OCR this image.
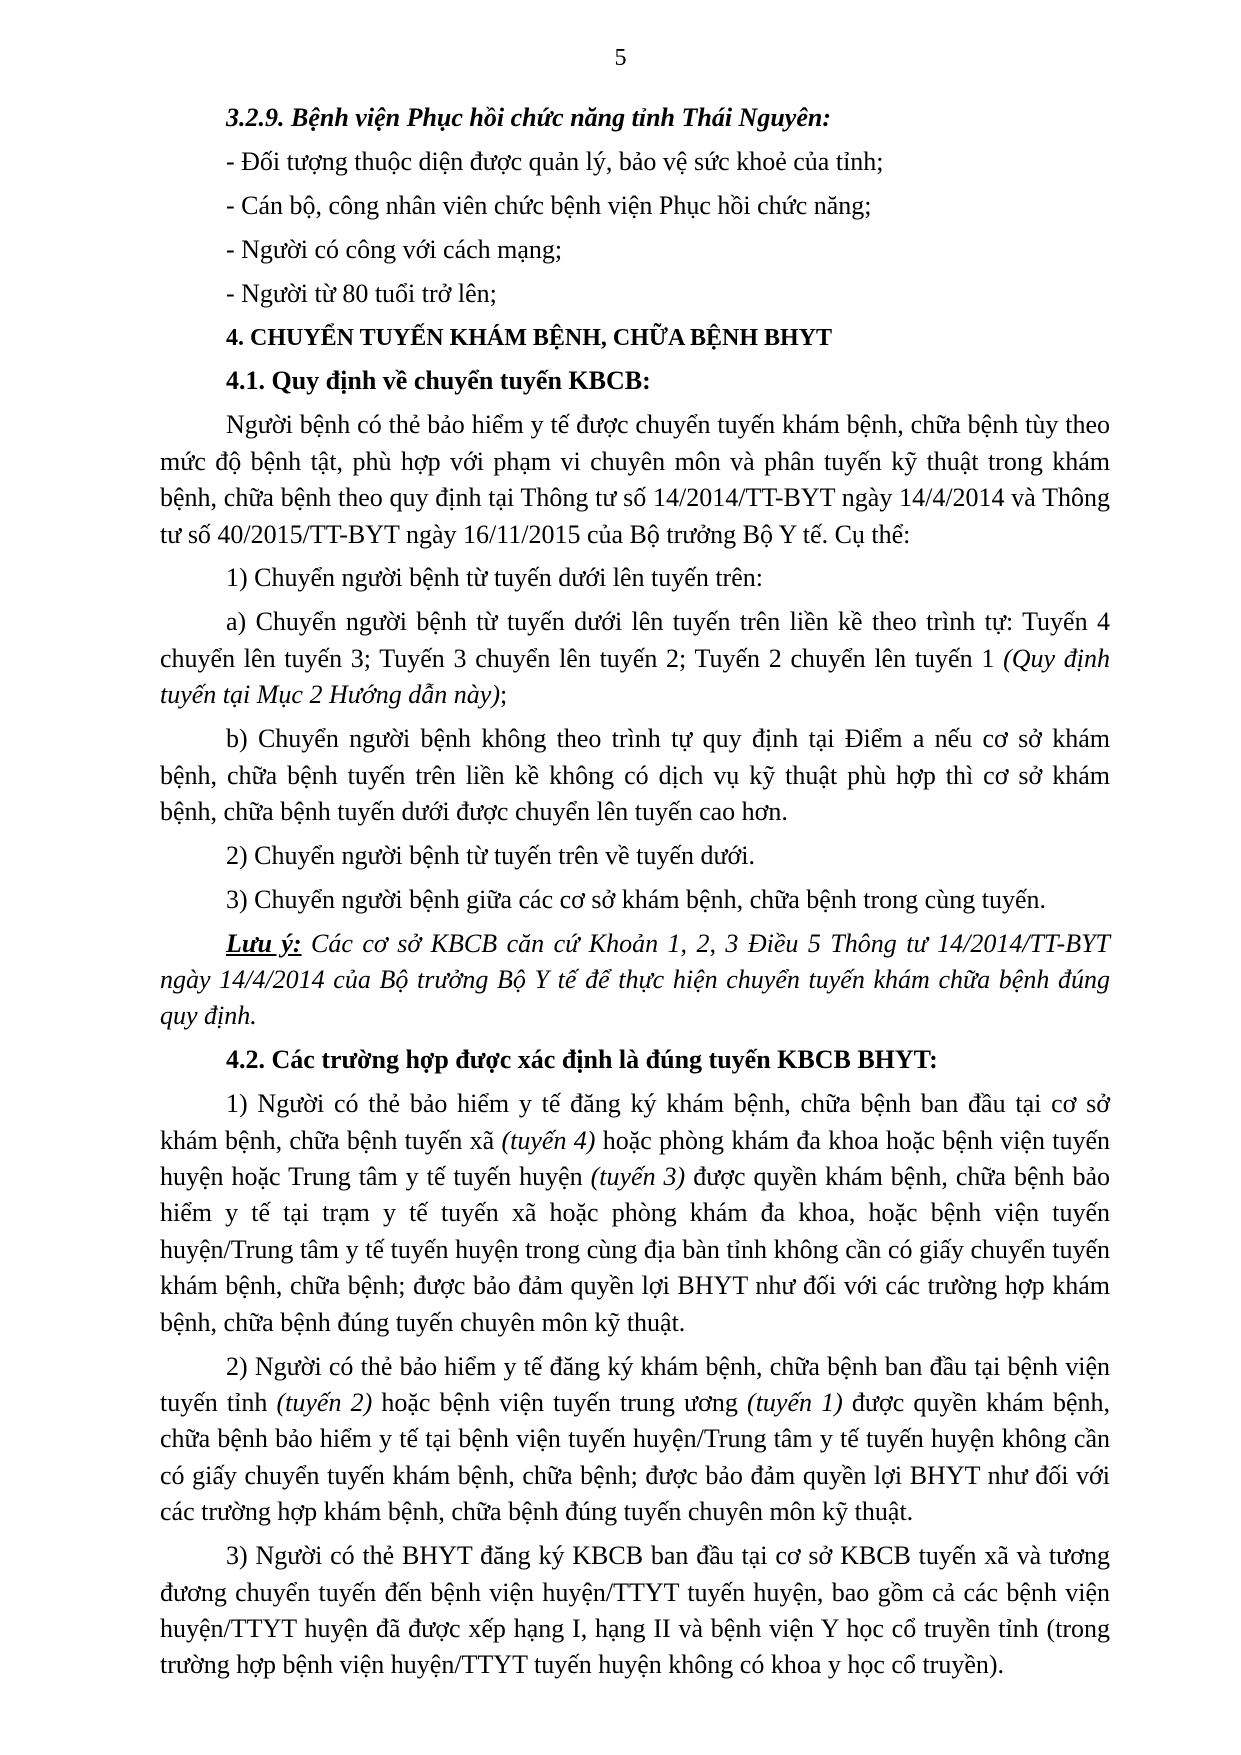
5

3.2.9. Bệnh viện Phục hồi chức năng tỉnh Thái Nguyên:

- Đối tượng thuộc diện được quản lý, bảo vệ sức khoẻ của tỉnh;

- Cán bộ, công nhân viên chức bệnh viện Phục hồi chức năng;

- Người có công với cách mạng;

- Người từ 80 tuổi trở lên;

4. CHUYỂN TUYẾN KHÁM BỆNH, CHỮA BỆNH BHYT

4.1. Quy định về chuyển tuyến KBCB:

Người bệnh có thẻ bảo hiểm y tế được chuyển tuyến khám bệnh, chữa bệnh tùy theo mức độ bệnh tật, phù hợp với phạm vi chuyên môn và phân tuyến kỹ thuật trong khám bệnh, chữa bệnh theo quy định tại Thông tư số 14/2014/TT-BYT ngày 14/4/2014 và Thông tư số 40/2015/TT-BYT ngày 16/11/2015 của Bộ trưởng Bộ Y tế. Cụ thể:

1) Chuyển người bệnh từ tuyến dưới lên tuyến trên:

a) Chuyển người bệnh từ tuyến dưới lên tuyến trên liền kề theo trình tự: Tuyến 4 chuyển lên tuyến 3; Tuyến 3 chuyển lên tuyến 2; Tuyến 2 chuyển lên tuyến 1 (Quy định tuyến tại Mục 2 Hướng dẫn này);

b) Chuyển người bệnh không theo trình tự quy định tại Điểm a nếu cơ sở khám bệnh, chữa bệnh tuyến trên liền kề không có dịch vụ kỹ thuật phù hợp thì cơ sở khám bệnh, chữa bệnh tuyến dưới được chuyển lên tuyến cao hơn.

2) Chuyển người bệnh từ tuyến trên về tuyến dưới.

3) Chuyển người bệnh giữa các cơ sở khám bệnh, chữa bệnh trong cùng tuyến.

Lưu ý: Các cơ sở KBCB căn cứ Khoản 1, 2, 3 Điều 5 Thông tư 14/2014/TT-BYT ngày 14/4/2014 của Bộ trưởng Bộ Y tế để thực hiện chuyển tuyến khám chữa bệnh đúng quy định.

4.2. Các trường hợp được xác định là đúng tuyến KBCB BHYT:

1) Người có thẻ bảo hiểm y tế đăng ký khám bệnh, chữa bệnh ban đầu tại cơ sở khám bệnh, chữa bệnh tuyến xã (tuyến 4) hoặc phòng khám đa khoa hoặc bệnh viện tuyến huyện hoặc Trung tâm y tế tuyến huyện (tuyến 3) được quyền khám bệnh, chữa bệnh bảo hiểm y tế tại trạm y tế tuyến xã hoặc phòng khám đa khoa, hoặc bệnh viện tuyến huyện/Trung tâm y tế tuyến huyện trong cùng địa bàn tỉnh không cần có giấy chuyển tuyến khám bệnh, chữa bệnh; được bảo đảm quyền lợi BHYT như đối với các trường hợp khám bệnh, chữa bệnh đúng tuyến chuyên môn kỹ thuật.

2) Người có thẻ bảo hiểm y tế đăng ký khám bệnh, chữa bệnh ban đầu tại bệnh viện tuyến tỉnh (tuyến 2) hoặc bệnh viện tuyến trung ương (tuyến 1) được quyền khám bệnh, chữa bệnh bảo hiểm y tế tại bệnh viện tuyến huyện/Trung tâm y tế tuyến huyện không cần có giấy chuyển tuyến khám bệnh, chữa bệnh; được bảo đảm quyền lợi BHYT như đối với các trường hợp khám bệnh, chữa bệnh đúng tuyến chuyên môn kỹ thuật.

3) Người có thẻ BHYT đăng ký KBCB ban đầu tại cơ sở KBCB tuyến xã và tương đương chuyển tuyến đến bệnh viện huyện/TTYT tuyến huyện, bao gồm cả các bệnh viện huyện/TTYT huyện đã được xếp hạng I, hạng II và bệnh viện Y học cổ truyền tỉnh (trong trường hợp bệnh viện huyện/TTYT tuyến huyện không có khoa y học cổ truyền).
